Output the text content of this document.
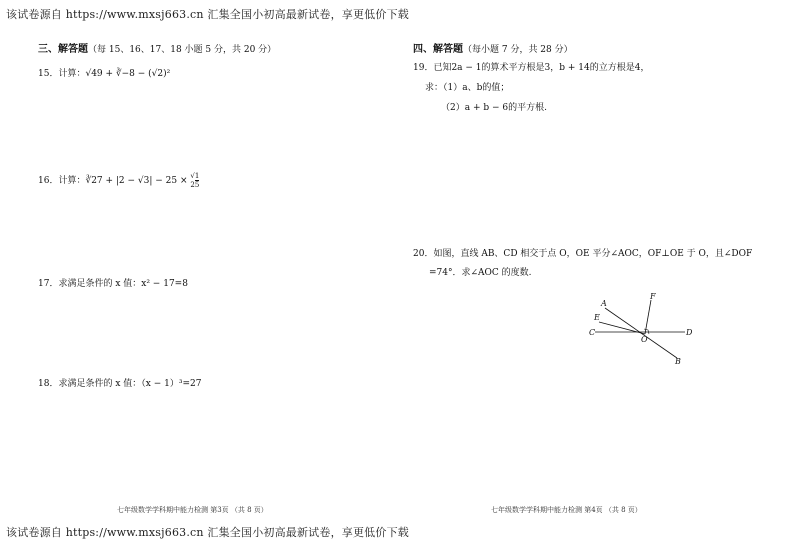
该试卷源自 https://www.mxsj663.cn 汇集全国小初高最新试卷，享更低价下载
三、解答题（每 15、16、17、18 小题 5 分，共 20 分）
15．计算：√49 + ∛−8 − (√2)²
16．计算：∛27 + |2 − √3| − 25 × √1

25
17．求满足条件的 x 值：x² − 17=8
18．求满足条件的 x 值：（x − 1）³=27
七年级数学学科期中能力检测 第3页 （共 8 页）
四、解答题（每小题 7 分，共 28 分）
19．已知2a − 1的算术平方根是3，b + 14的立方根是4，
求：（1）a、b的值；
（2）a + b − 6的平方根.
20．如图，直线 AB、CD 相交于点 O，OE 平分∠AOC，OF⊥OE 于 O，且∠DOF
=74°．求∠AOC 的度数.
A
E
C
F
D
O
B
七年级数学学科期中能力检测 第4页 （共 8 页）
该试卷源自 https://www.mxsj663.cn 汇集全国小初高最新试卷，享更低价下载
